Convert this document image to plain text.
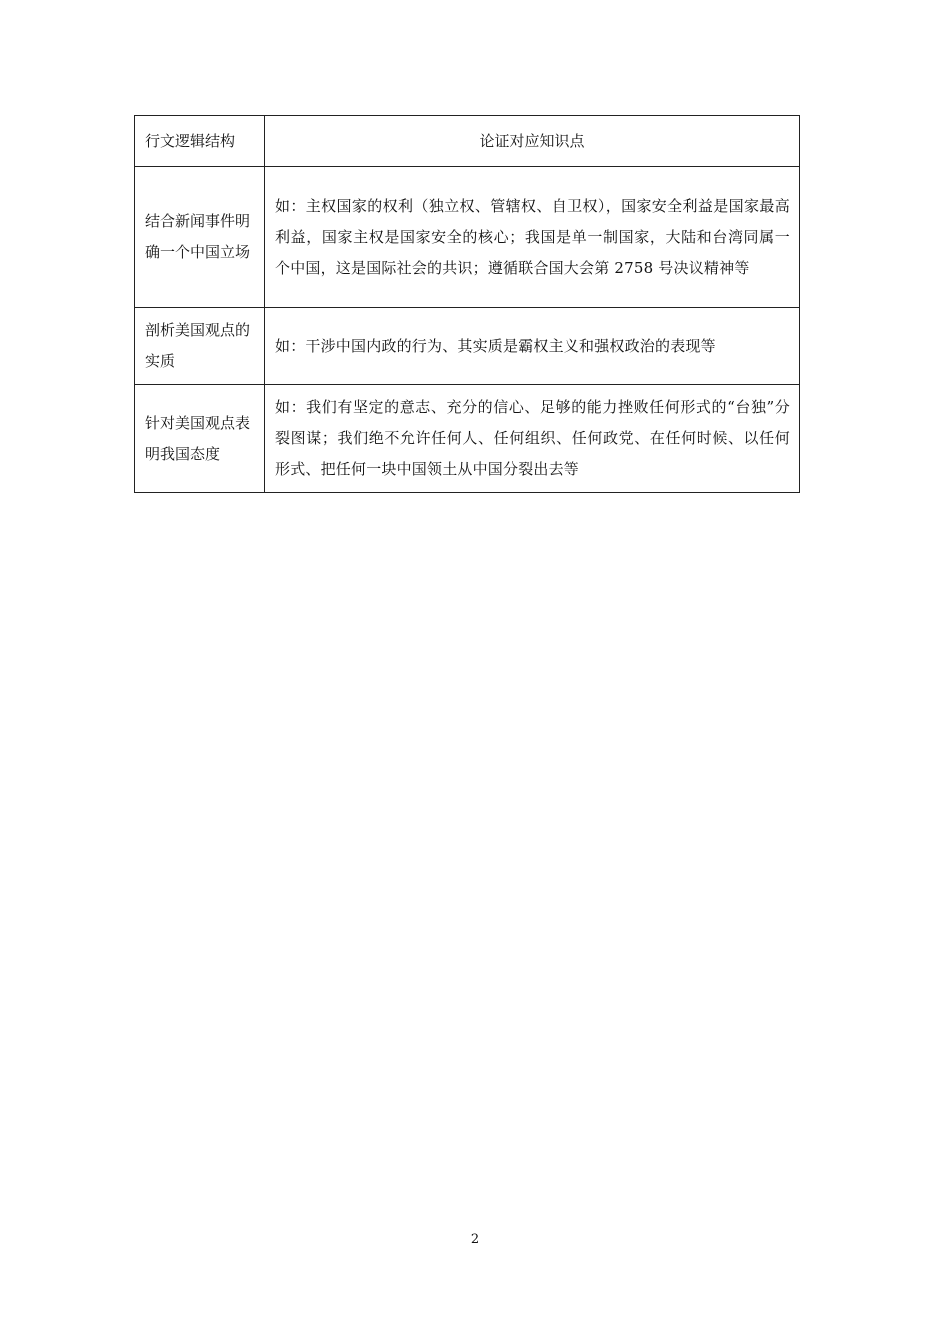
行文逻辑结构	论证对应知识点
结合新闻事件明确一个中国立场	如：主权国家的权利（独立权、管辖权、自卫权），国家安全利益是国家最高利益，国家主权是国家安全的核心；我国是单一制国家，大陆和台湾同属一个中国，这是国际社会的共识；遵循联合国大会第 2758 号决议精神等
剖析美国观点的实质	如：干涉中国内政的行为、其实质是霸权主义和强权政治的表现等
针对美国观点表明我国态度	如：我们有坚定的意志、充分的信心、足够的能力挫败任何形式的“台独”分裂图谋；我们绝不允许任何人、任何组织、任何政党、在任何时候、以任何形式、把任何一块中国领土从中国分裂出去等
2
